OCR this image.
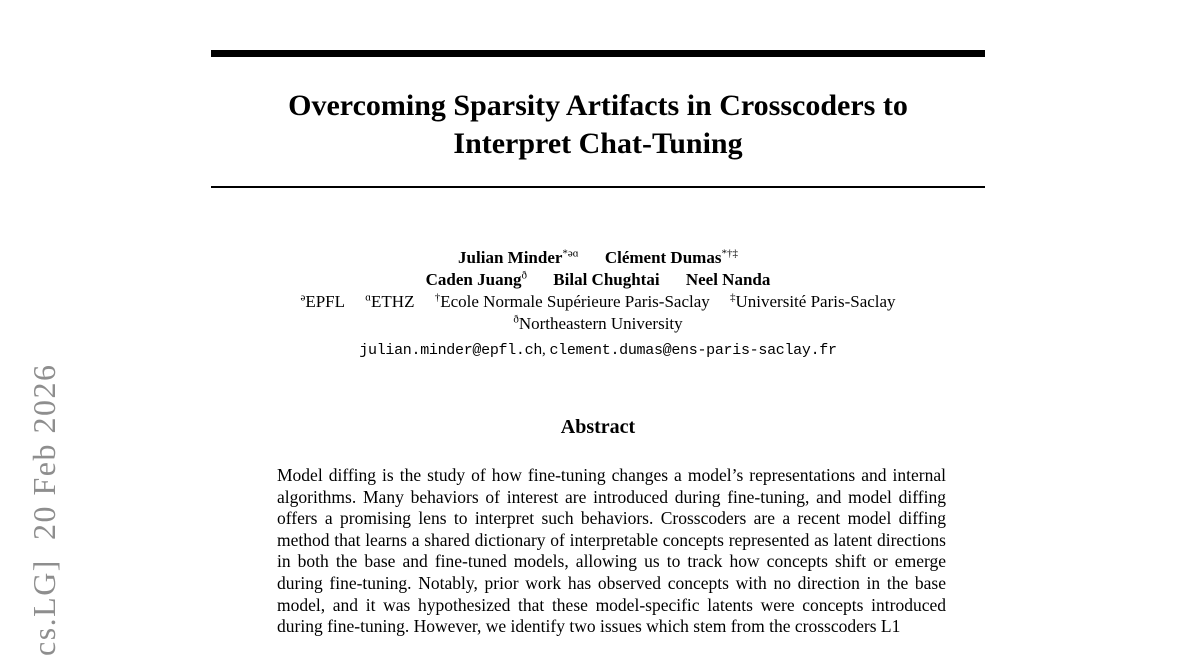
cs.LG]  20 Feb 2026
Overcoming Sparsity Artifacts in Crosscoders to
Interpret Chat-Tuning
Julian Minder$^{*ǝɑ}$ Clément Dumas*†‡
Caden Juang$^ð$ Bilal Chughtai Neel Nanda
$^ǝ$EPFL $^ɑ$ETHZ †Ecole Normale Supérieure Paris-Saclay ‡Université Paris-Saclay
$^ð$Northeastern University
julian.minder@epfl.ch, clement.dumas@ens-paris-saclay.fr
Abstract

Model diffing is the study of how fine-tuning changes a model’s representations and internal algorithms. Many behaviors of interest are introduced during fine-tuning, and model diffing offers a promising lens to interpret such behaviors. Crosscoders are a recent model diffing method that learns a shared dictionary of interpretable concepts represented as latent directions in both the base and fine-tuned models, allowing us to track how concepts shift or emerge during fine-tuning. Notably, prior work has observed concepts with no direction in the base model, and it was hypothesized that these model-specific latents were concepts introduced during fine-tuning. However, we identify two issues which stem from the crosscoders L1
